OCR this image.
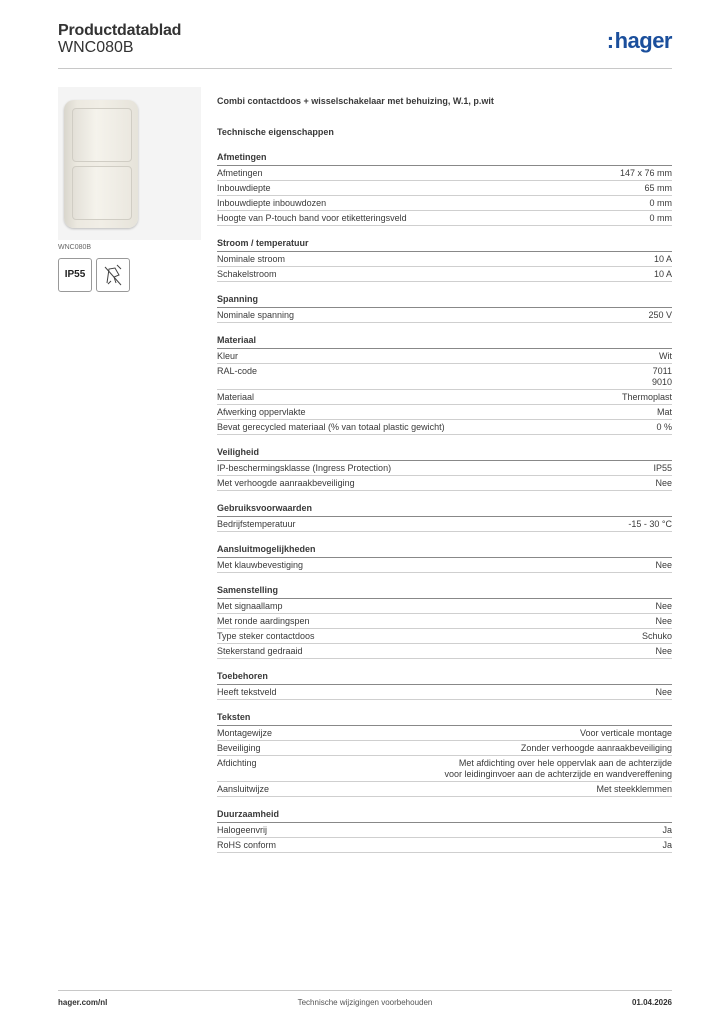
Productdatablad
WNC080B	:hager
WNC080B
IP55
Combi contactdoos + wisselschakelaar met behuizing, W.1, p.wit
Technische eigenschappen
Afmetingen
Afmetingen	147 x 76 mm
Inbouwdiepte	65 mm
Inbouwdiepte inbouwdozen	0 mm
Hoogte van P-touch band voor etiketteringsveld	0 mm
Stroom / temperatuur
Nominale stroom	10 A
Schakelstroom	10 A
Spanning
Nominale spanning	250 V
Materiaal
Kleur	Wit
RAL-code	7011
9010
Materiaal	Thermoplast
Afwerking oppervlakte	Mat
Bevat gerecycled materiaal (% van totaal plastic gewicht)	0 %
Veiligheid
IP-beschermingsklasse (Ingress Protection)	IP55
Met verhoogde aanraakbeveiliging	Nee
Gebruiksvoorwaarden
Bedrijfstemperatuur	-15 - 30 °C
Aansluitmogelijkheden
Met klauwbevestiging	Nee
Samenstelling
Met signaallamp	Nee
Met ronde aardingspen	Nee
Type steker contactdoos	Schuko
Stekerstand gedraaid	Nee
Toebehoren
Heeft tekstveld	Nee
Teksten
Montagewijze	Voor verticale montage
Beveiliging	Zonder verhoogde aanraakbeveiliging
Afdichting	Met afdichting over hele oppervlak aan de achterzijde voor leidinginvoer aan de achterzijde en wandvereffening
Aansluitwijze	Met steekklemmen
Duurzaamheid
Halogeenvrij	Ja
RoHS conform	Ja
hager.com/nl	Technische wijzigingen voorbehouden	01.04.2026
